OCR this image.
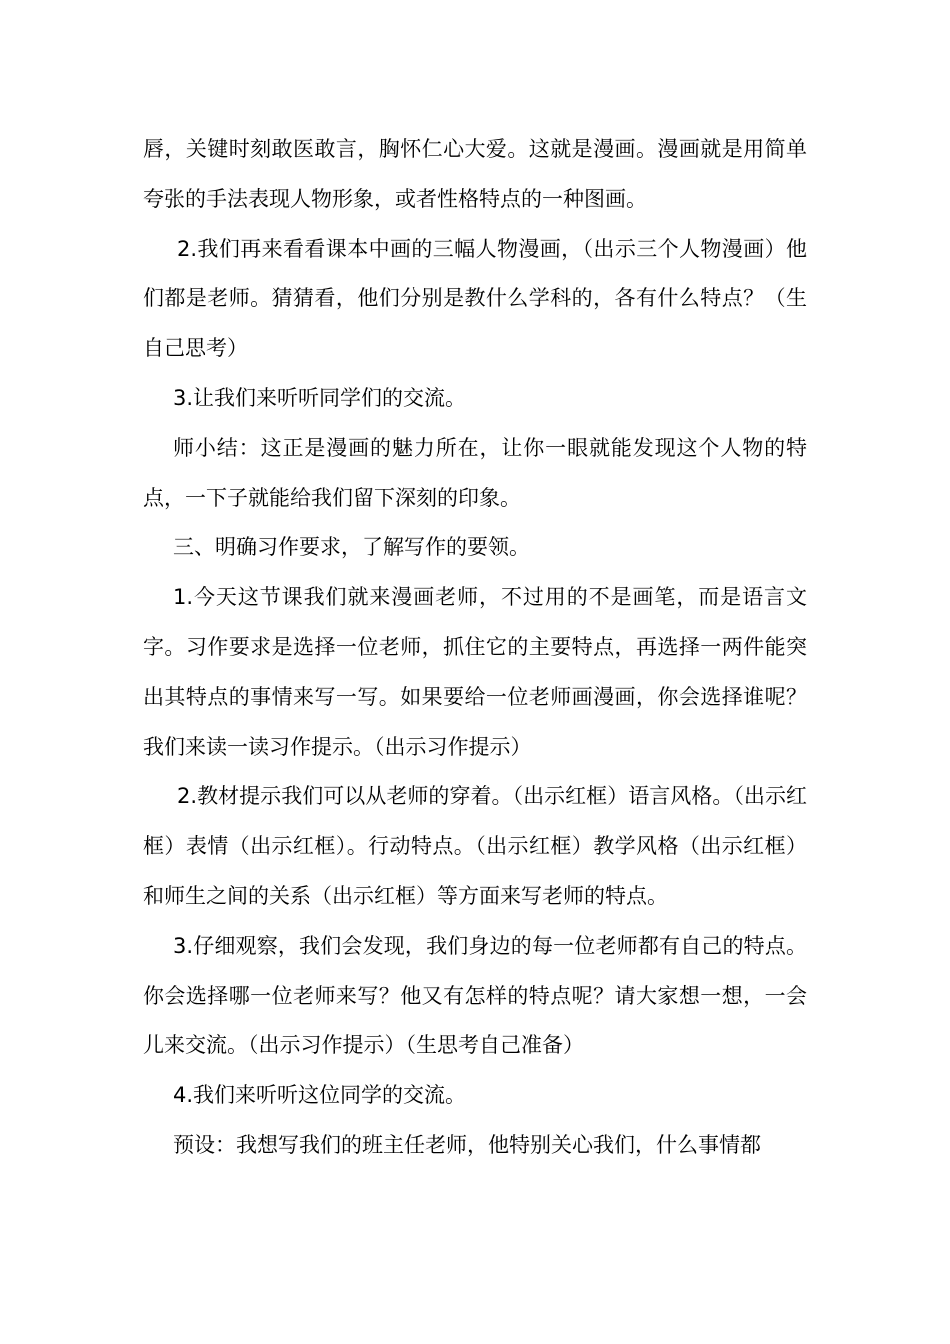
唇，关键时刻敢医敢言，胸怀仁心大爱。这就是漫画。漫画就是用简单夸张的手法表现人物形象，或者性格特点的一种图画。

2.我们再来看看课本中画的三幅人物漫画，（出示三个人物漫画）他们都是老师。猜猜看，他们分别是教什么学科的，各有什么特点？（生自己思考）

3.让我们来听听同学们的交流。

师小结：这正是漫画的魅力所在，让你一眼就能发现这个人物的特点，一下子就能给我们留下深刻的印象。

三、明确习作要求，了解写作的要领。

1.今天这节课我们就来漫画老师，不过用的不是画笔，而是语言文字。习作要求是选择一位老师，抓住它的主要特点，再选择一两件能突出其特点的事情来写一写。如果要给一位老师画漫画，你会选择谁呢？我们来读一读习作提示。（出示习作提示）

2.教材提示我们可以从老师的穿着。（出示红框）语言风格。（出示红框）表情（出示红框）。行动特点。（出示红框）教学风格（出示红框）和师生之间的关系（出示红框）等方面来写老师的特点。

3.仔细观察，我们会发现，我们身边的每一位老师都有自己的特点。你会选择哪一位老师来写？他又有怎样的特点呢？请大家想一想，一会儿来交流。（出示习作提示）（生思考自己准备）

4.我们来听听这位同学的交流。

预设：我想写我们的班主任老师，他特别关心我们，什么事情都
